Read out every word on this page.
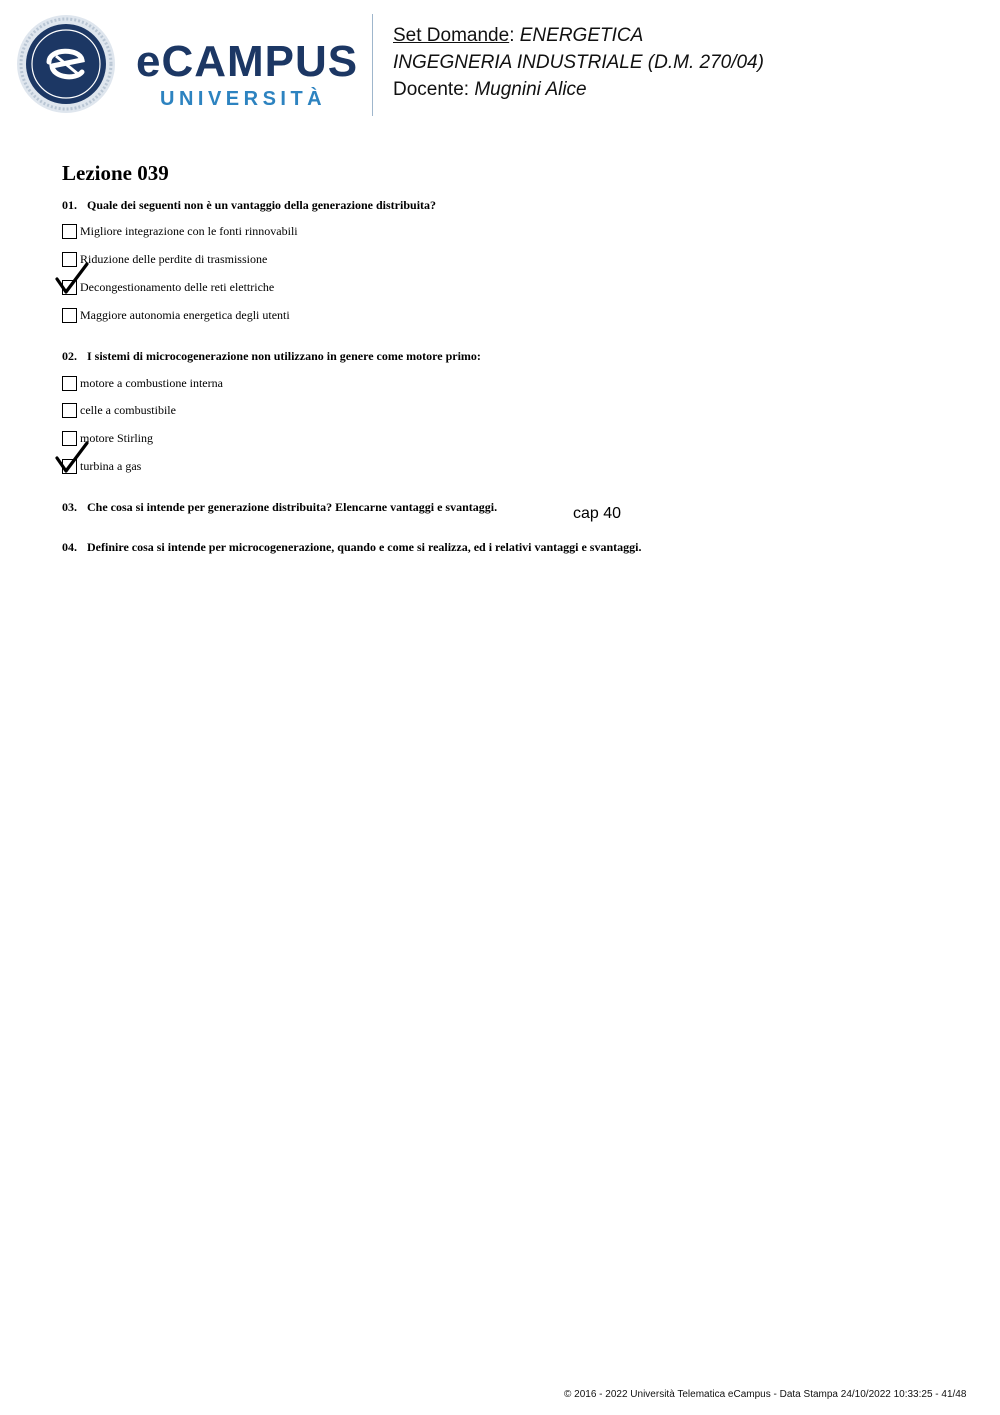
eCAMPUS
UNIVERSITÀ
Set Domande: ENERGETICA
INGEGNERIA INDUSTRIALE (D.M. 270/04)
Docente: Mugnini Alice
Lezione 039
01. Quale dei seguenti non è un vantaggio della generazione distribuita?
Migliore integrazione con le fonti rinnovabili
Riduzione delle perdite di trasmissione
Decongestionamento delle reti elettriche
Maggiore autonomia energetica degli utenti
02. I sistemi di microcogenerazione non utilizzano in genere come motore primo:
motore a combustione interna
celle a combustibile
motore Stirling
turbina a gas
03. Che cosa si intende per generazione distribuita? Elencarne vantaggi e svantaggi.	cap 40
04. Definire cosa si intende per microcogenerazione, quando e come si realizza, ed i relativi vantaggi e svantaggi.
© 2016 - 2022 Università Telematica eCampus - Data Stampa 24/10/2022 10:33:25 - 41/48
